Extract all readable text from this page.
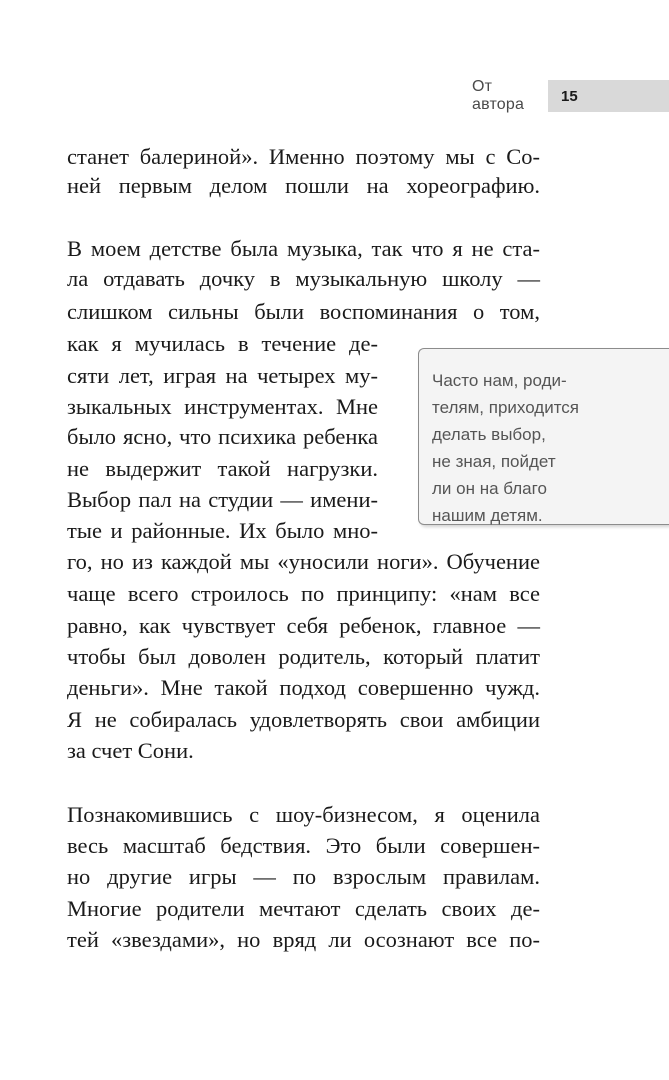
От автора	15
станет балериной». Именно поэтому мы с Со-
ней первым делом пошли на хореографию.
В моем детстве была музыка, так что я не ста-
ла отдавать дочку в музыкальную школу —
слишком сильны были воспоминания о том,
как я мучилась в течение де-
сяти лет, играя на четырех му-
зыкальных инструментах. Мне
было ясно, что психика ребенка
не выдержит такой нагрузки.
Выбор пал на студии — имени-
тые и районные. Их было мно-
го, но из каждой мы «уносили ноги». Обучение
чаще всего строилось по принципу: «нам все
равно, как чувствует себя ребенок, главное —
чтобы был доволен родитель, который платит
деньги». Мне такой подход совершенно чужд.
Я не собиралась удовлетворять свои амбиции
за счет Сони.
Познакомившись с шоу-бизнесом, я оценила
весь масштаб бедствия. Это были совершен-
но другие игры — по взрослым правилам.
Многие родители мечтают сделать своих де-
тей «звездами», но вряд ли осознают все по-
Часто нам, роди-
телям, приходится
делать выбор,
не зная, пойдет
ли он на благо
нашим детям.
